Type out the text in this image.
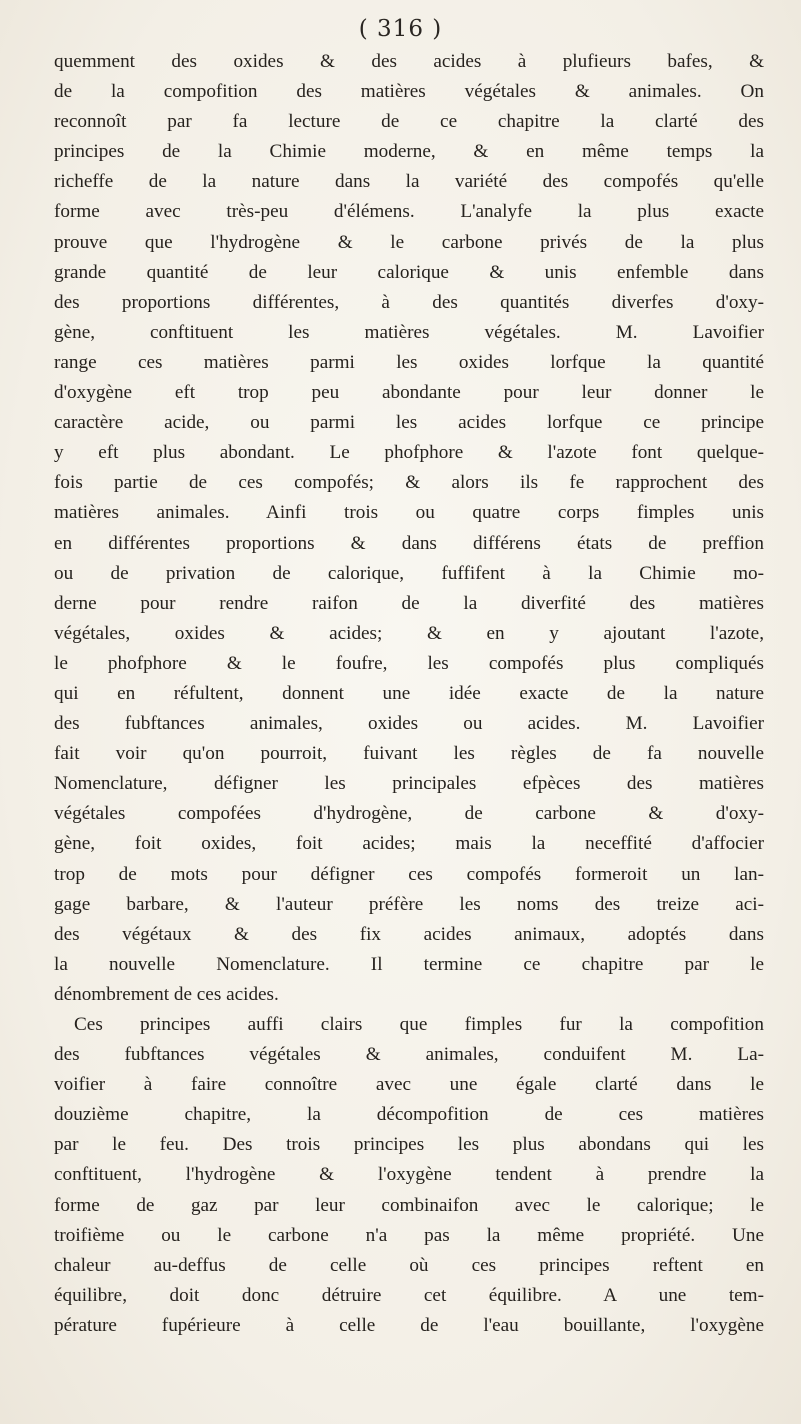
( 316 )
quemment des oxides & des acides à plufieurs bafes, &
de la compofition des matières végétales & animales. On
reconnoît par fa lecture de ce chapitre la clarté des
principes de la Chimie moderne, & en même temps la
richeffe de la nature dans la variété des compofés qu'elle
forme avec très-peu d'élémens. L'analyfe la plus exacte
prouve que l'hydrogène & le carbone privés de la plus
grande quantité de leur calorique & unis enfemble dans
des proportions différentes, à des quantités diverfes d'oxy-
gène, conftituent les matières végétales. M. Lavoifier
range ces matières parmi les oxides lorfque la quantité
d'oxygène eft trop peu abondante pour leur donner le
caractère acide, ou parmi les acides lorfque ce principe
y eft plus abondant. Le phofphore & l'azote font quelque-
fois partie de ces compofés; & alors ils fe rapprochent des
matières animales. Ainfi trois ou quatre corps fimples unis
en différentes proportions & dans différens états de preffion
ou de privation de calorique, fuffifent à la Chimie mo-
derne pour rendre raifon de la diverfité des matières
végétales, oxides & acides; & en y ajoutant l'azote,
le phofphore & le foufre, les compofés plus compliqués
qui en réfultent, donnent une idée exacte de la nature
des fubftances animales, oxides ou acides. M. Lavoifier
fait voir qu'on pourroit, fuivant les règles de fa nouvelle
Nomenclature, défigner les principales efpèces des matières
végétales compofées d'hydrogène, de carbone & d'oxy-
gène, foit oxides, foit acides; mais la neceffité d'affocier
trop de mots pour défigner ces compofés formeroit un lan-
gage barbare, & l'auteur préfère les noms des treize aci-
des végétaux & des fix acides animaux, adoptés dans
la nouvelle Nomenclature. Il termine ce chapitre par le
dénombrement de ces acides.
Ces principes auffi clairs que fimples fur la compofition
des fubftances végétales & animales, conduifent M. La-
voifier à faire connoître avec une égale clarté dans le
douzième chapitre, la décompofition de ces matières
par le feu. Des trois principes les plus abondans qui les
conftituent, l'hydrogène & l'oxygène tendent à prendre la
forme de gaz par leur combinaifon avec le calorique; le
troifième ou le carbone n'a pas la même propriété. Une
chaleur au-deffus de celle où ces principes reftent en
équilibre, doit donc détruire cet équilibre. A une tem-
pérature fupérieure à celle de l'eau bouillante, l'oxygène
